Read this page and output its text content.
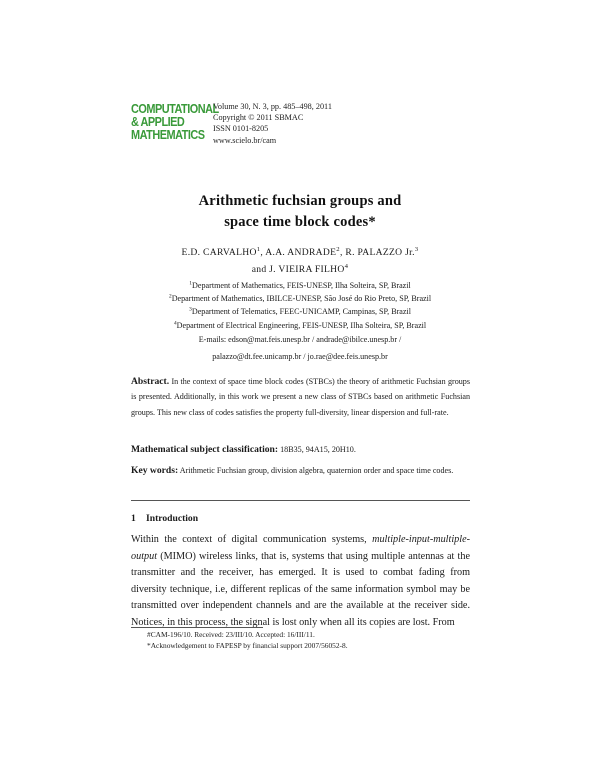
COMPUTATIONAL
& APPLIED
MATHEMATICS
Volume 30, N. 3, pp. 485–498, 2011
Copyright © 2011 SBMAC
ISSN 0101-8205
www.scielo.br/cam
Arithmetic fuchsian groups and
space time block codes*
E.D. CARVALHO$^1$, A.A. ANDRADE$^2$, R. PALAZZO Jr.$^3$
and J. VIEIRA FILHO$^4$
$^1$Department of Mathematics, FEIS-UNESP, Ilha Solteira, SP, Brazil
$^2$Department of Mathematics, IBILCE-UNESP, São José do Rio Preto, SP, Brazil
$^3$Department of Telematics, FEEC-UNICAMP, Campinas, SP, Brazil
$^4$Department of Electrical Engineering, FEIS-UNESP, Ilha Solteira, SP, Brazil
E-mails: edson@mat.feis.unesp.br / andrade@ibilce.unesp.br /
palazzo@dt.fee.unicamp.br / jo.rae@dee.feis.unesp.br
Abstract. In the context of space time block codes (STBCs) the theory of arithmetic Fuchsian groups is presented. Additionally, in this work we present a new class of STBCs based on arithmetic Fuchsian groups. This new class of codes satisfies the property full-diversity, linear dispersion and full-rate.
Mathematical subject classification: 18B35, 94A15, 20H10.
Key words: Arithmetic Fuchsian group, division algebra, quaternion order and space time codes.
1 Introduction
Within the context of digital communication systems, multiple-input-multiple-output (MIMO) wireless links, that is, systems that using multiple antennas at the transmitter and the receiver, has emerged. It is used to combat fading from diversity technique, i.e, different replicas of the same information symbol may be transmitted over independent channels and are the available at the receiver side. Notices, in this process, the signal is lost only when all its copies are lost. From
#CAM-196/10. Received: 23/III/10. Accepted: 16/III/11.
*Acknowledgement to FAPESP by financial support 2007/56052-8.
